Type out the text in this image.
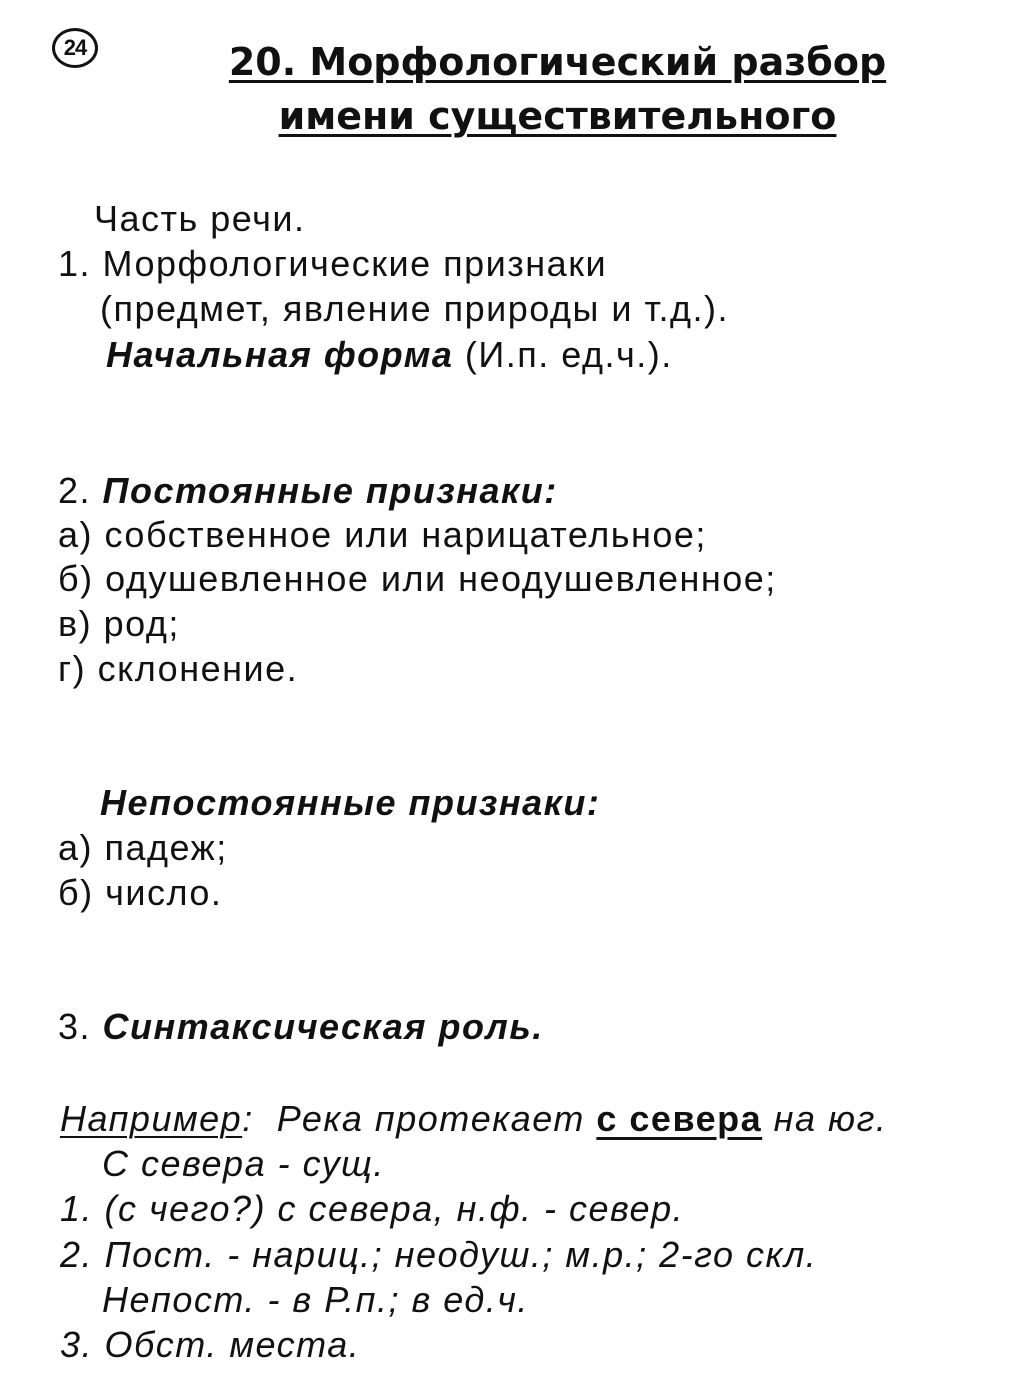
24	20. Морфологический разбор
имени существительного
Часть речи.
1. Морфологические признаки
(предмет, явление природы и т.д.).
Начальная форма (И.п. ед.ч.).
2. Постоянные признаки:
а) собственное или нарицательное;
б) одушевленное или неодушевленное;
в) род;
г) склонение.
Непостоянные признаки:
а) падеж;
б) число.
3. Синтаксическая роль.
Например: Река протекает с севера на юг.
С севера - сущ.
1. (с чего?) с севера, н.ф. - север.
2. Пост. - нариц.; неодуш.; м.р.; 2-го скл.
Непост. - в Р.п.; в ед.ч.
3. Обст. места.
